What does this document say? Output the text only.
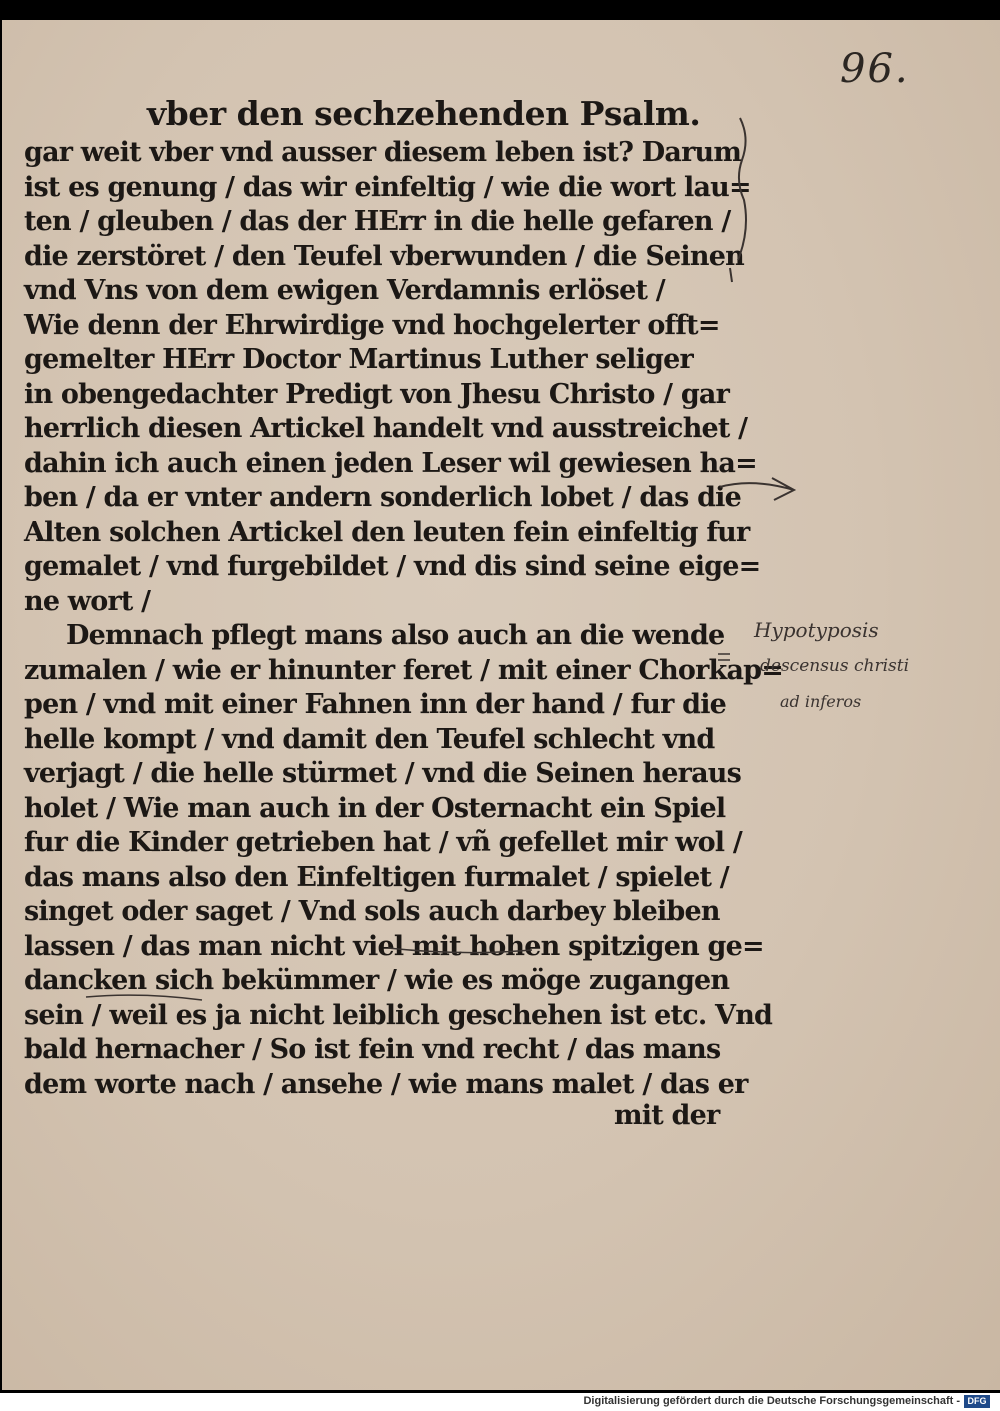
96.
vber den sechzehenden Psalm.
gar weit vber vnd ausser diesem leben ist? Darum
ist es genung / das wir einfeltig / wie die wort lau=
ten / gleuben / das der HErr in die helle gefaren /
die zerstöret / den Teufel vberwunden / die Seinen
vnd Vns von dem ewigen Verdamnis erlöset /
Wie denn der Ehrwirdige vnd hochgelerter offt=
gemelter HErr Doctor Martinus Luther seliger
in obengedachter Predigt von Jhesu Christo / gar
herrlich diesen Artickel handelt vnd ausstreichet /
dahin ich auch einen jeden Leser wil gewiesen ha=
ben / da er vnter andern sonderlich lobet / das die
Alten solchen Artickel den leuten fein einfeltig fur
gemalet / vnd furgebildet / vnd dis sind seine eige=
ne wort /
Demnach pflegt mans also auch an die wende
zumalen / wie er hinunter feret / mit einer Chorkap=
pen / vnd mit einer Fahnen inn der hand / fur die
helle kompt / vnd damit den Teufel schlecht vnd
verjagt / die helle stürmet / vnd die Seinen heraus
holet / Wie man auch in der Osternacht ein Spiel
fur die Kinder getrieben hat / vñ gefellet mir wol /
das mans also den Einfeltigen furmalet / spielet /
singet oder saget / Vnd sols auch darbey bleiben
lassen / das man nicht viel mit hohen spitzigen ge=
dancken sich bekümmer / wie es möge zugangen
sein / weil es ja nicht leiblich geschehen ist etc. Vnd
bald hernacher / So ist fein vnd recht / das mans
dem worte nach / ansehe / wie mans malet / das er
mit der
Hypotyposis
descensus christi
ad inferos
Digitalisierung gefördert durch die Deutsche Forschungsgemeinschaft - DFG
